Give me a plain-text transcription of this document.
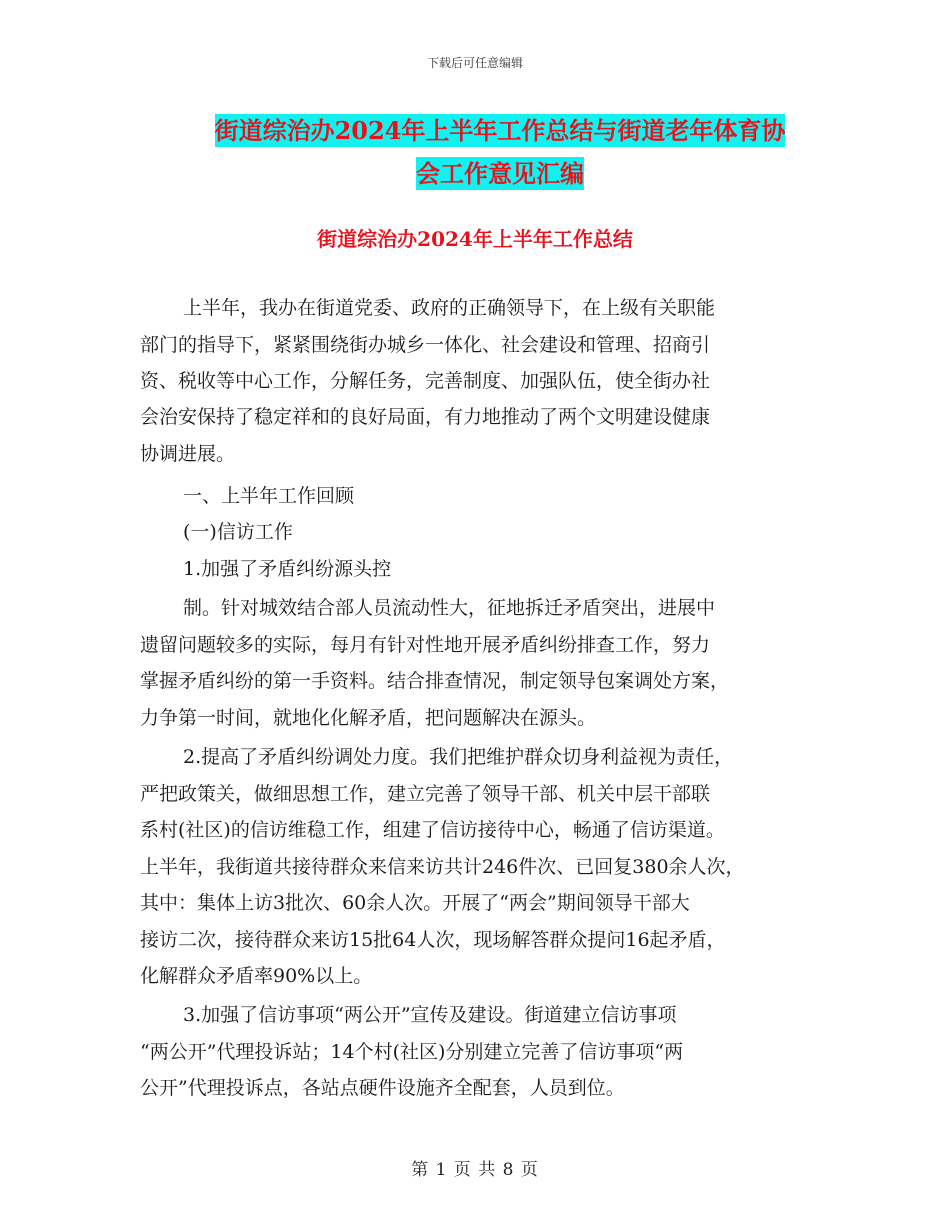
下载后可任意编辑
街道综治办2024年上半年工作总结与街道老年体育协
会工作意见汇编
街道综治办2024年上半年工作总结
上半年，我办在街道党委、政府的正确领导下，在上级有关职能
部门的指导下，紧紧围绕街办城乡一体化、社会建设和管理、招商引
资、税收等中心工作，分解任务，完善制度、加强队伍，使全街办社
会治安保持了稳定祥和的良好局面，有力地推动了两个文明建设健康
协调进展。
一、上半年工作回顾
(一)信访工作
1.加强了矛盾纠纷源头控
制。针对城效结合部人员流动性大，征地拆迁矛盾突出，进展中
遗留问题较多的实际，每月有针对性地开展矛盾纠纷排查工作，努力
掌握矛盾纠纷的第一手资料。结合排查情况，制定领导包案调处方案，
力争第一时间，就地化化解矛盾，把问题解决在源头。
2.提高了矛盾纠纷调处力度。我们把维护群众切身利益视为责任，
严把政策关，做细思想工作，建立完善了领导干部、机关中层干部联
系村(社区)的信访维稳工作，组建了信访接待中心，畅通了信访渠道。
上半年，我街道共接待群众来信来访共计246件次、已回复380余人次，
其中：集体上访3批次、60余人次。开展了“两会”期间领导干部大
接访二次，接待群众来访15批64人次，现场解答群众提问16起矛盾，
化解群众矛盾率90%以上。
3.加强了信访事项“两公开”宣传及建设。街道建立信访事项
“两公开”代理投诉站；14个村(社区)分别建立完善了信访事项“两
公开”代理投诉点，各站点硬件设施齐全配套，人员到位。
第 1 页 共 8 页
